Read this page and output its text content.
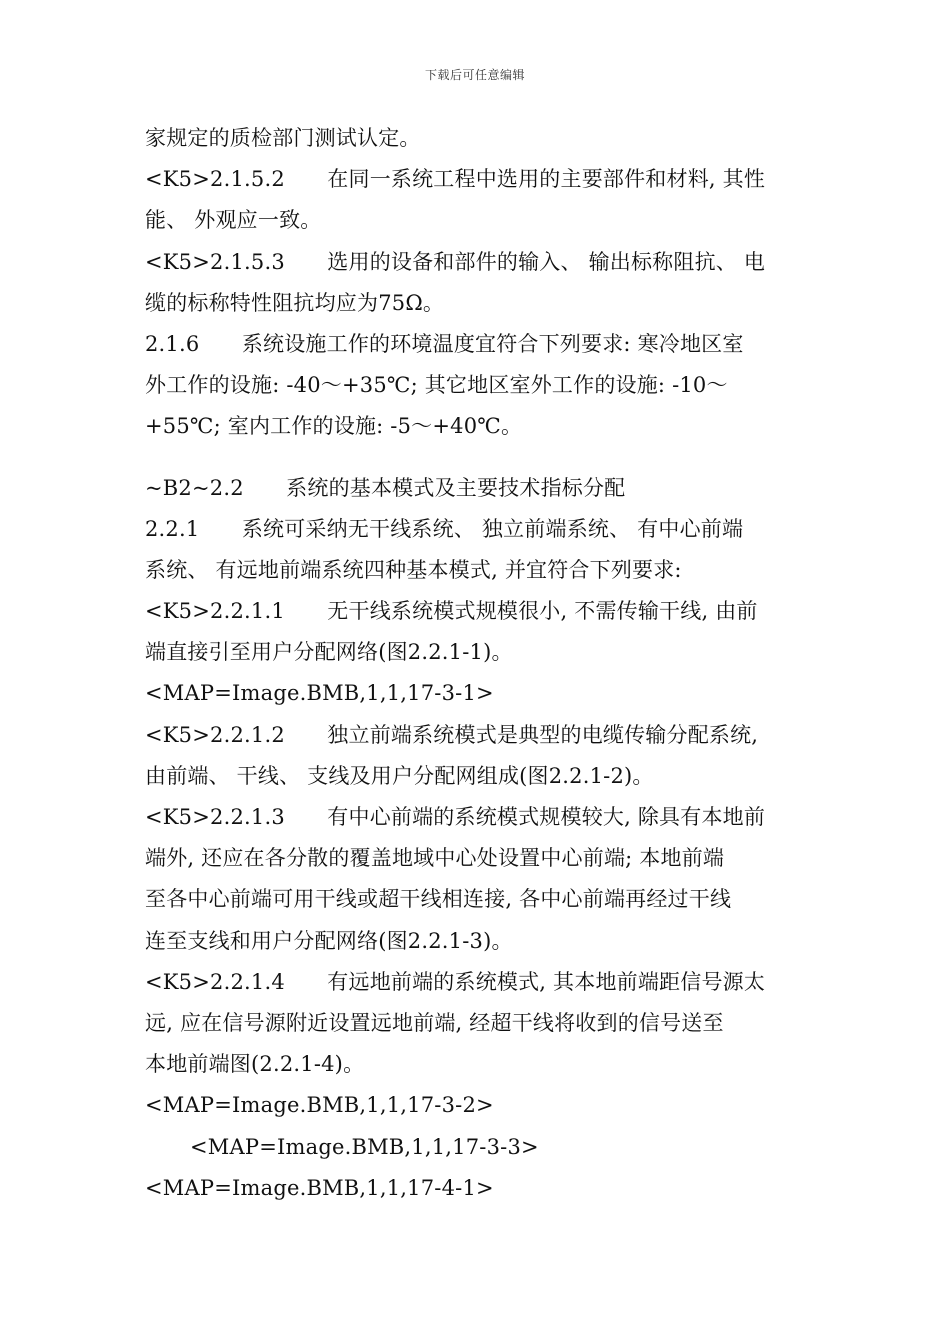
下载后可任意编辑
家规定的质检部门测试认定。
<K5>2.1.5.2　　在同一系统工程中选用的主要部件和材料, 其性
能、 外观应一致。
<K5>2.1.5.3　　选用的设备和部件的输入、 输出标称阻抗、 电
缆的标称特性阻抗均应为75Ω。
2.1.6　　系统设施工作的环境温度宜符合下列要求: 寒冷地区室
外工作的设施: -40～+35℃; 其它地区室外工作的设施: -10～
+55℃; 室内工作的设施: -5～+40℃。
~B2~2.2　　系统的基本模式及主要技术指标分配
2.2.1　　系统可采纳无干线系统、 独立前端系统、 有中心前端
系统、 有远地前端系统四种基本模式, 并宜符合下列要求:
<K5>2.2.1.1　　无干线系统模式规模很小, 不需传输干线, 由前
端直接引至用户分配网络(图2.2.1-1)。
<MAP=Image.BMB,1,1,17-3-1>
<K5>2.2.1.2　　独立前端系统模式是典型的电缆传输分配系统,
由前端、 干线、 支线及用户分配网组成(图2.2.1-2)。
<K5>2.2.1.3　　有中心前端的系统模式规模较大, 除具有本地前
端外, 还应在各分散的覆盖地域中心处设置中心前端; 本地前端
至各中心前端可用干线或超干线相连接, 各中心前端再经过干线
连至支线和用户分配网络(图2.2.1-3)。
<K5>2.2.1.4　　有远地前端的系统模式, 其本地前端距信号源太
远, 应在信号源附近设置远地前端, 经超干线将收到的信号送至
本地前端图(2.2.1-4)。
<MAP=Image.BMB,1,1,17-3-2>
<MAP=Image.BMB,1,1,17-3-3>
<MAP=Image.BMB,1,1,17-4-1>
